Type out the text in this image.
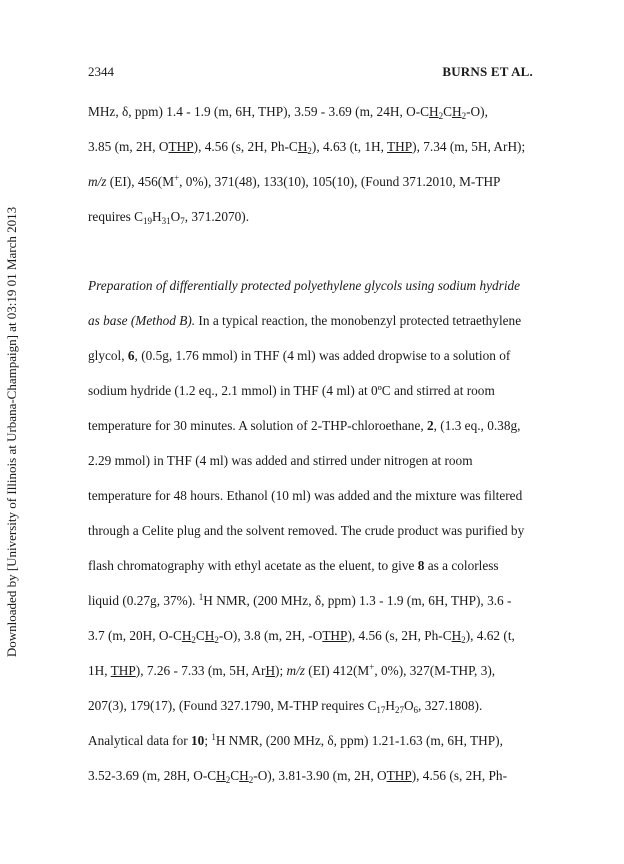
2344	BURNS ET AL.
Downloaded by [University of Illinois at Urbana-Champaign] at 03:19 01 March 2013
MHz, δ, ppm) 1.4 - 1.9 (m, 6H, THP), 3.59 - 3.69 (m, 24H, $O-CH_2CH_2-O$),
3.85 (m, 2H, OTHP), 4.56 (s, 2H, $Ph-CH_2$), 4.63 (t, 1H, THP), 7.34 (m, 5H, ArH);
m/z (EI), 456(M+, 0%), 371(48), 133(10), 105(10), (Found 371.2010, M-THP
requires $C_{19}H_{31}O_7$, 371.2070).
Preparation of differentially protected polyethylene glycols using sodium hydride
as base (Method B). In a typical reaction, the monobenzyl protected tetraethylene
glycol, 6, (0.5g, 1.76 mmol) in THF (4 ml) was added dropwise to a solution of
sodium hydride (1.2 eq., 2.1 mmol) in THF (4 ml) at 0ºC and stirred at room
temperature for 30 minutes. A solution of 2-THP-chloroethane, 2, (1.3 eq., 0.38g,
2.29 mmol) in THF (4 ml) was added and stirred under nitrogen at room
temperature for 48 hours. Ethanol (10 ml) was added and the mixture was filtered
through a Celite plug and the solvent removed. The crude product was purified by
flash chromatography with ethyl acetate as the eluent, to give 8 as a colorless
liquid (0.27g, 37%). $^1$H NMR, (200 MHz, δ, ppm) 1.3 - 1.9 (m, 6H, THP), 3.6 -
3.7 (m, 20H, $O-CH_2CH_2-O$), 3.8 (m, 2H, -OTHP), 4.56 (s, 2H, $Ph-CH_2$), 4.62 (t,
1H, THP), 7.26 - 7.33 (m, 5H, ArH); m/z (EI) 412(M+, 0%), 327(M-THP, 3),
207(3), 179(17), (Found 327.1790, M-THP requires $C_{17}H_{27}O_6$, 327.1808).
Analytical data for 10; $^1$H NMR, (200 MHz, δ, ppm) 1.21-1.63 (m, 6H, THP),
3.52-3.69 (m, 28H, $O-CH_2CH_2-O$), 3.81-3.90 (m, 2H, OTHP), 4.56 (s, 2H, Ph-
